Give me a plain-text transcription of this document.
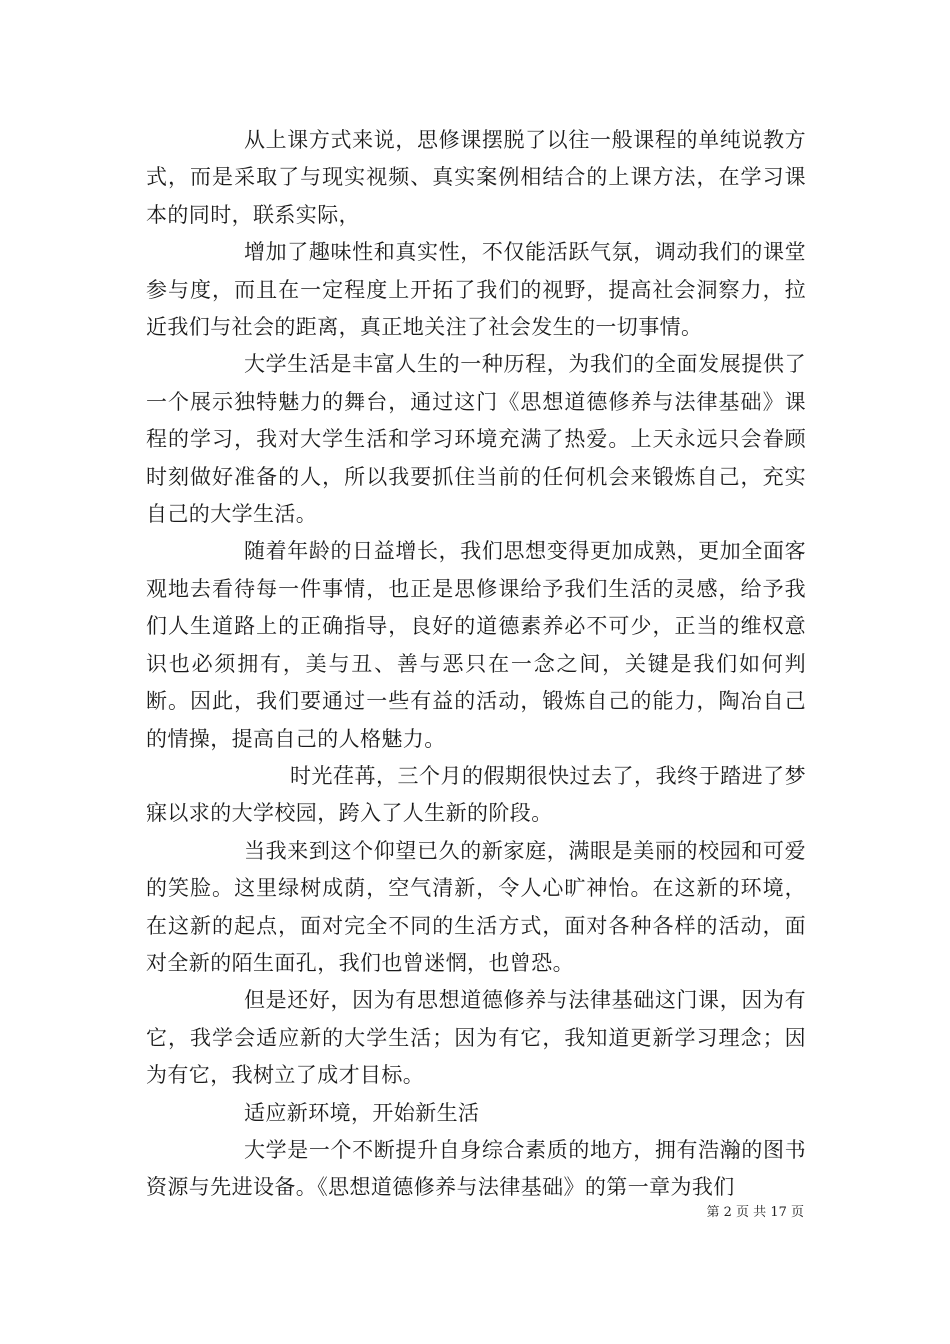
从上课方式来说，思修课摆脱了以往一般课程的单纯说教方式，而是采取了与现实视频、真实案例相结合的上课方法，在学习课本的同时，联系实际，

增加了趣味性和真实性，不仅能活跃气氛，调动我们的课堂参与度，而且在一定程度上开拓了我们的视野，提高社会洞察力，拉近我们与社会的距离，真正地关注了社会发生的一切事情。

大学生活是丰富人生的一种历程，为我们的全面发展提供了一个展示独特魅力的舞台，通过这门《思想道德修养与法律基础》课程的学习，我对大学生活和学习环境充满了热爱。上天永远只会眷顾时刻做好准备的人，所以我要抓住当前的任何机会来锻炼自己，充实自己的大学生活。

随着年龄的日益增长，我们思想变得更加成熟，更加全面客观地去看待每一件事情，也正是思修课给予我们生活的灵感，给予我们人生道路上的正确指导，良好的道德素养必不可少，正当的维权意识也必须拥有，美与丑、善与恶只在一念之间，关键是我们如何判断。因此，我们要通过一些有益的活动，锻炼自己的能力，陶冶自己的情操，提高自己的人格魅力。

时光荏苒，三个月的假期很快过去了，我终于踏进了梦寐以求的大学校园，跨入了人生新的阶段。

当我来到这个仰望已久的新家庭，满眼是美丽的校园和可爱的笑脸。这里绿树成荫，空气清新，令人心旷神怡。在这新的环境，在这新的起点，面对完全不同的生活方式，面对各种各样的活动，面对全新的陌生面孔，我们也曾迷惘，也曾恐。

但是还好，因为有思想道德修养与法律基础这门课，因为有它，我学会适应新的大学生活；因为有它，我知道更新学习理念；因为有它，我树立了成才目标。

适应新环境，开始新生活

大学是一个不断提升自身综合素质的地方，拥有浩瀚的图书资源与先进设备。《思想道德修养与法律基础》的第一章为我们

第 2 页 共 17 页
